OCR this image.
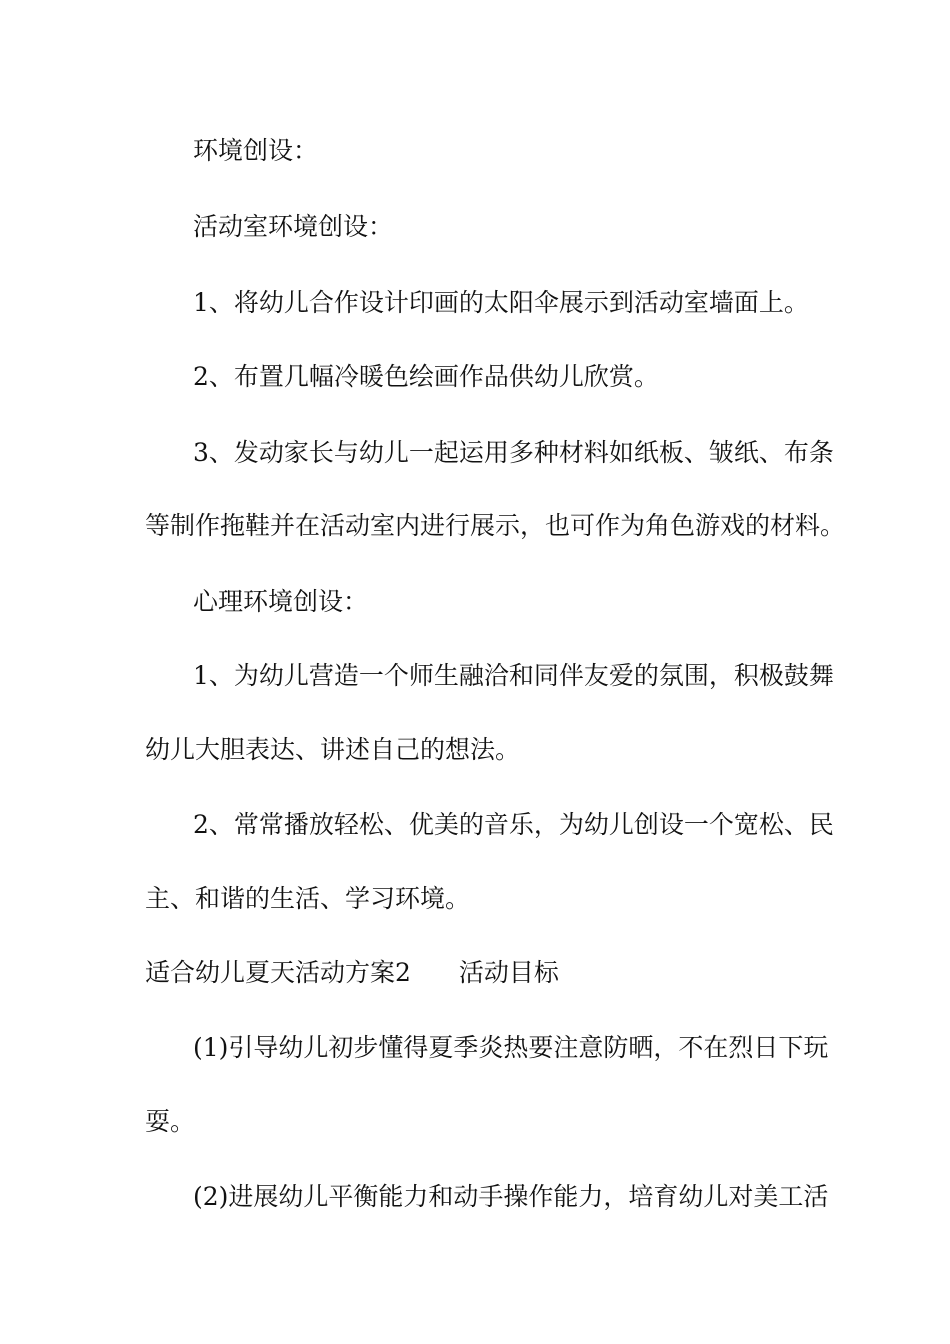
环境创设：
活动室环境创设：
1、将幼儿合作设计印画的太阳伞展示到活动室墙面上。
2、布置几幅冷暖色绘画作品供幼儿欣赏。
3、发动家长与幼儿一起运用多种材料如纸板、皱纸、布条
等制作拖鞋并在活动室内进行展示，也可作为角色游戏的材料。
心理环境创设：
1、为幼儿营造一个师生融洽和同伴友爱的氛围，积极鼓舞
幼儿大胆表达、讲述自己的想法。
2、常常播放轻松、优美的音乐，为幼儿创设一个宽松、民
主、和谐的生活、学习环境。
适合幼儿夏天活动方案2 活动目标
(1)引导幼儿初步懂得夏季炎热要注意防晒，不在烈日下玩
耍。
(2)进展幼儿平衡能力和动手操作能力，培育幼儿对美工活
